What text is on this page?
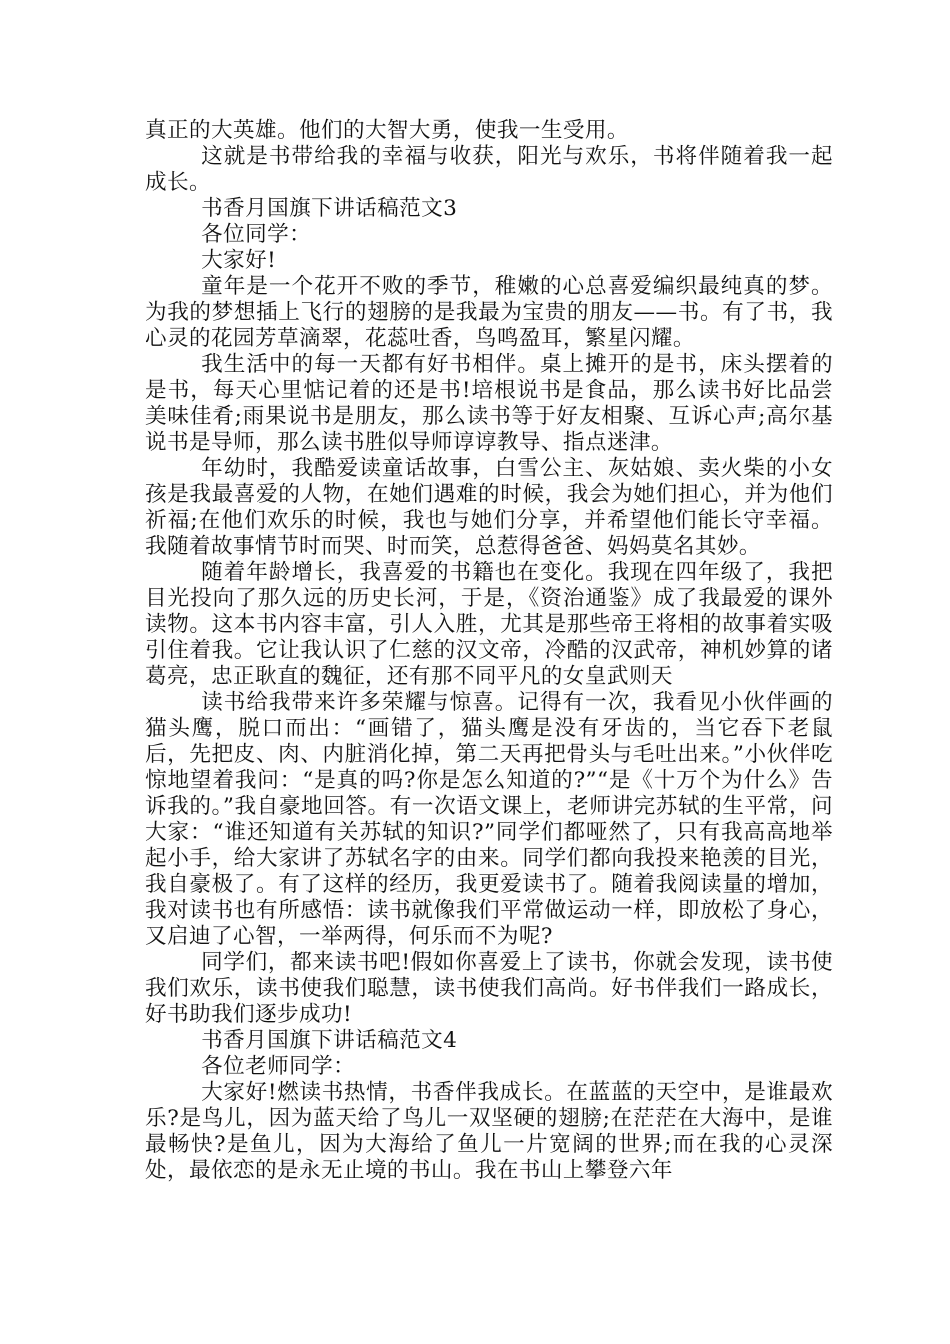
真正的大英雄。他们的大智大勇，使我一生受用。

这就是书带给我的幸福与收获，阳光与欢乐，书将伴随着我一起成长。

书香月国旗下讲话稿范文3

各位同学：

大家好!

童年是一个花开不败的季节，稚嫩的心总喜爱编织最纯真的梦。为我的梦想插上飞行的翅膀的是我最为宝贵的朋友——书。有了书，我心灵的花园芳草滴翠，花蕊吐香，鸟鸣盈耳，繁星闪耀。

我生活中的每一天都有好书相伴。桌上摊开的是书，床头摆着的是书，每天心里惦记着的还是书!培根说书是食品，那么读书好比品尝美味佳肴;雨果说书是朋友，那么读书等于好友相聚、互诉心声;高尔基说书是导师，那么读书胜似导师谆谆教导、指点迷津。

年幼时，我酷爱读童话故事，白雪公主、灰姑娘、卖火柴的小女孩是我最喜爱的人物，在她们遇难的时候，我会为她们担心，并为他们祈福;在他们欢乐的时候，我也与她们分享，并希望他们能长守幸福。我随着故事情节时而哭、时而笑，总惹得爸爸、妈妈莫名其妙。

随着年龄增长，我喜爱的书籍也在变化。我现在四年级了，我把目光投向了那久远的历史长河，于是，《资治通鉴》成了我最爱的课外读物。这本书内容丰富，引人入胜，尤其是那些帝王将相的故事着实吸引住着我。它让我认识了仁慈的汉文帝，冷酷的汉武帝，神机妙算的诸葛亮，忠正耿直的魏征，还有那不同平凡的女皇武则天

读书给我带来许多荣耀与惊喜。记得有一次，我看见小伙伴画的猫头鹰，脱口而出：“画错了，猫头鹰是没有牙齿的，当它吞下老鼠后，先把皮、肉、内脏消化掉，第二天再把骨头与毛吐出来。”小伙伴吃惊地望着我问：“是真的吗?你是怎么知道的?”“是《十万个为什么》告诉我的。”我自豪地回答。有一次语文课上，老师讲完苏轼的生平常，问大家：“谁还知道有关苏轼的知识?”同学们都哑然了，只有我高高地举起小手，给大家讲了苏轼名字的由来。同学们都向我投来艳羡的目光，我自豪极了。有了这样的经历，我更爱读书了。随着我阅读量的增加，我对读书也有所感悟：读书就像我们平常做运动一样，即放松了身心，又启迪了心智，一举两得，何乐而不为呢?

同学们，都来读书吧!假如你喜爱上了读书，你就会发现，读书使我们欢乐，读书使我们聪慧，读书使我们高尚。好书伴我们一路成长，好书助我们逐步成功!

书香月国旗下讲话稿范文4

各位老师同学：

大家好!燃读书热情，书香伴我成长。在蓝蓝的天空中，是谁最欢乐?是鸟儿，因为蓝天给了鸟儿一双坚硬的翅膀;在茫茫在大海中，是谁最畅快?是鱼儿，因为大海给了鱼儿一片宽阔的世界;而在我的心灵深处，最依恋的是永无止境的书山。我在书山上攀登六年
